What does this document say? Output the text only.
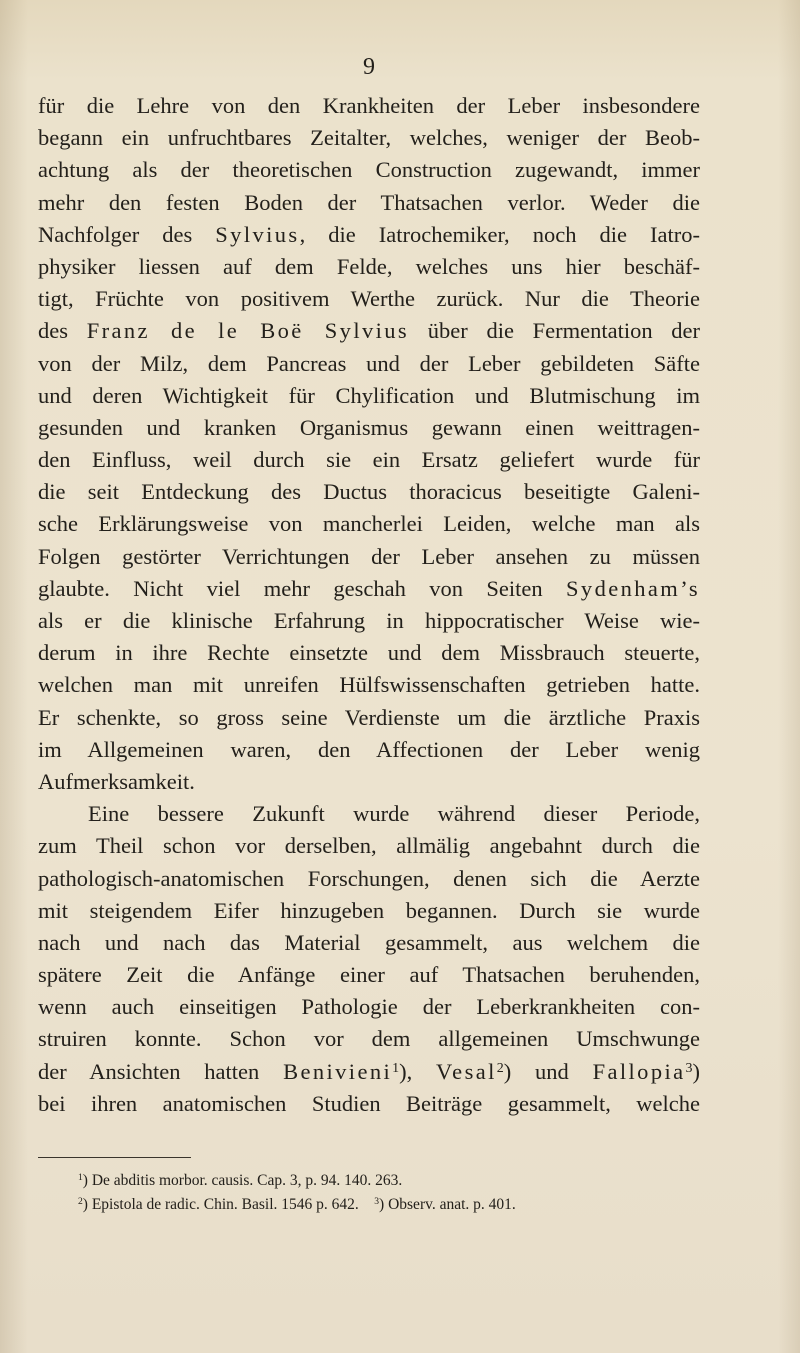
9
für die Lehre von den Krankheiten der Leber insbesondere
begann ein unfruchtbares Zeitalter, welches, weniger der Beob-
achtung als der theoretischen Construction zugewandt, immer
mehr den festen Boden der Thatsachen verlor. Weder die
Nachfolger des Sylvius, die Iatrochemiker, noch die Iatro-
physiker liessen auf dem Felde, welches uns hier beschäf-
tigt, Früchte von positivem Werthe zurück. Nur die Theorie
des Franz de le Boë Sylvius über die Fermentation der
von der Milz, dem Pancreas und der Leber gebildeten Säfte
und deren Wichtigkeit für Chylification und Blutmischung im
gesunden und kranken Organismus gewann einen weittragen-
den Einfluss, weil durch sie ein Ersatz geliefert wurde für
die seit Entdeckung des Ductus thoracicus beseitigte Galeni-
sche Erklärungsweise von mancherlei Leiden, welche man als
Folgen gestörter Verrichtungen der Leber ansehen zu müssen
glaubte. Nicht viel mehr geschah von Seiten Sydenham’s
als er die klinische Erfahrung in hippocratischer Weise wie-
derum in ihre Rechte einsetzte und dem Missbrauch steuerte,
welchen man mit unreifen Hülfswissenschaften getrieben hatte.
Er schenkte, so gross seine Verdienste um die ärztliche Praxis
im Allgemeinen waren, den Affectionen der Leber wenig
Aufmerksamkeit.
Eine bessere Zukunft wurde während dieser Periode,
zum Theil schon vor derselben, allmälig angebahnt durch die
pathologisch-anatomischen Forschungen, denen sich die Aerzte
mit steigendem Eifer hinzugeben begannen. Durch sie wurde
nach und nach das Material gesammelt, aus welchem die
spätere Zeit die Anfänge einer auf Thatsachen beruhenden,
wenn auch einseitigen Pathologie der Leberkrankheiten con-
struiren konnte. Schon vor dem allgemeinen Umschwunge
der Ansichten hatten Benivieni$^1$), Vesal$^2$) und Fallopia$^3$)
bei ihren anatomischen Studien Beiträge gesammelt, welche
$^1$) De abditis morbor. causis. Cap. 3, p. 94. 140. 263.
$^2$) Epistola de radic. Chin. Basil. 1546 p. 642. $^3$) Observ. anat. p. 401.
